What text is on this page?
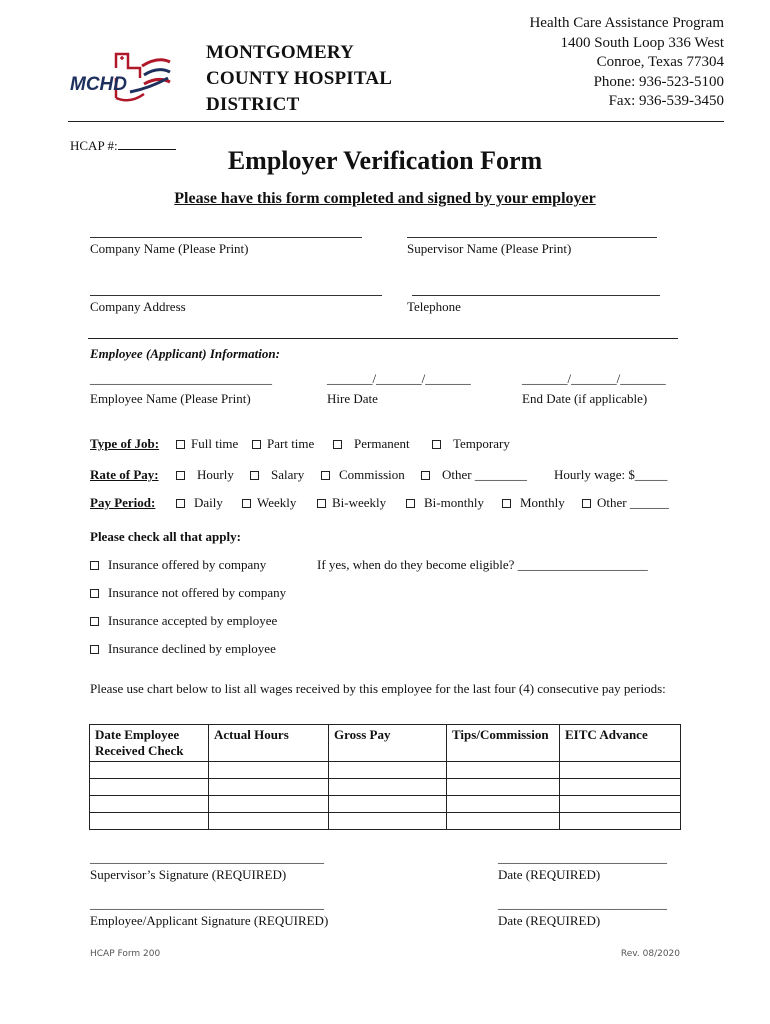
MCHD
MONTGOMERY
COUNTY HOSPITAL
DISTRICT
Health Care Assistance Program
1400 South Loop 336 West
Conroe, Texas 77304
Phone: 936-523-5100
Fax: 936-539-3450
HCAP #:
Employer Verification Form
Please have this form completed and signed by your employer
Company Name (Please Print)	Supervisor Name (Please Print)
Company Address	Telephone
Employee (Applicant) Information:
____________________________
Employee Name (Please Print)
_______/_______/_______
Hire Date
_______/_______/_______
End Date (if applicable)
Type of Job: Full time Part time	Permanent	Temporary
Rate of Pay:	Hourly	Salary	Commission	Other ________ Hourly wage: $_____
Pay Period:	Daily	Weekly	Bi-weekly	Bi-monthly	Monthly Other ______
Please check all that apply:
Insurance offered by company	If yes, when do they become eligible? ____________________
Insurance not offered by company
Insurance accepted by employee
Insurance declined by employee
Please use chart below to list all wages received by this employee for the last four (4) consecutive pay periods:
Date Employee Received Check	Actual Hours	Gross Pay	Tips/Commission	EITC Advance

____________________________________
Supervisor’s Signature (REQUIRED)
__________________________
Date (REQUIRED)
____________________________________
Employee/Applicant Signature (REQUIRED)
__________________________
Date (REQUIRED)
HCAP Form 200	Rev. 08/2020
